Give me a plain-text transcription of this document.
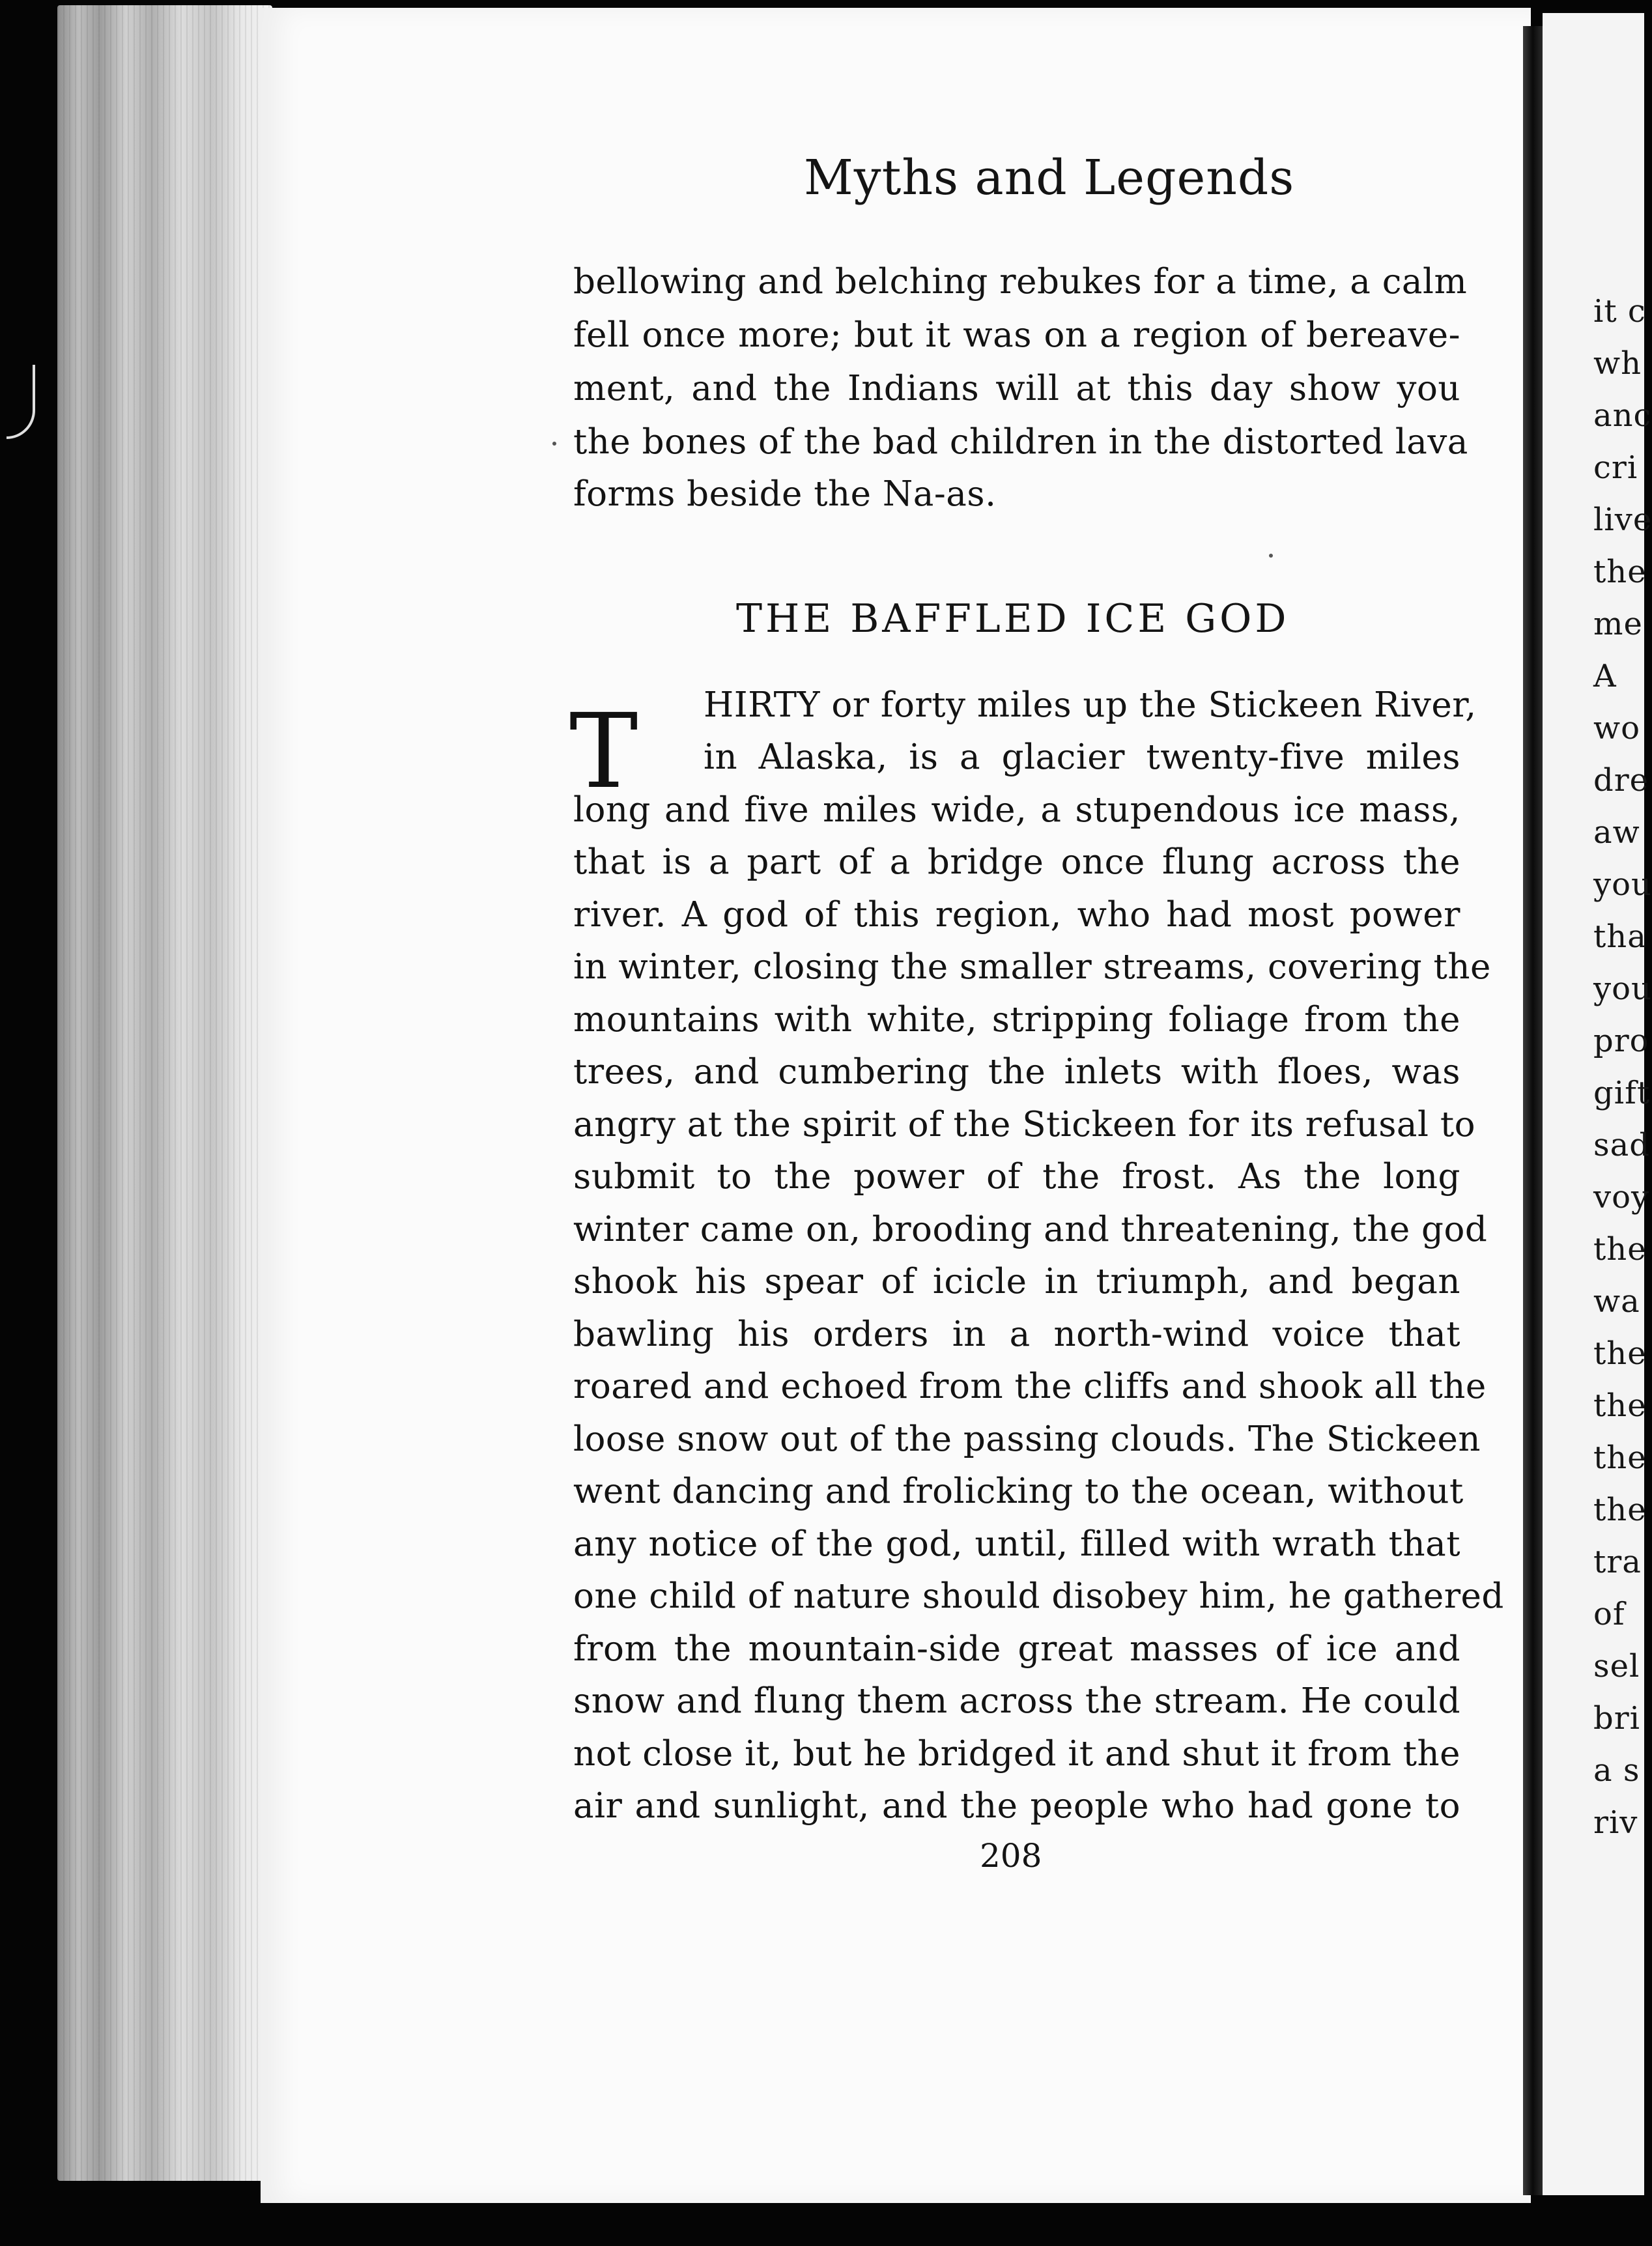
Myths and Legends
bellowing and belching rebukes for a time, a calm
fell once more; but it was on a region of bereave-
ment, and the Indians will at this day show you
the bones of the bad children in the distorted lava
forms beside the Na-as.
THE BAFFLED ICE GOD
T HIRTY or forty miles up the Stickeen River,
in Alaska, is a glacier twenty-five miles
long and five miles wide, a stupendous ice mass,
that is a part of a bridge once flung across the
river. A god of this region, who had most power
in winter, closing the smaller streams, covering the
mountains with white, stripping foliage from the
trees, and cumbering the inlets with floes, was
angry at the spirit of the Stickeen for its refusal to
submit to the power of the frost. As the long
winter came on, brooding and threatening, the god
shook his spear of icicle in triumph, and began
bawling his orders in a north-wind voice that
roared and echoed from the cliffs and shook all the
loose snow out of the passing clouds. The Stickeen
went dancing and frolicking to the ocean, without
any notice of the god, until, filled with wrath that
one child of nature should disobey him, he gathered
from the mountain-side great masses of ice and
snow and flung them across the stream. He could
not close it, but he bridged it and shut it from the
air and sunlight, and the people who had gone to
208
it c
wh
anc
cri
live
the
me
A
wo
dre
aw
you
tha
you
pro
gift
sad
voy
the
wa
the
the
the
the
tra
of
sel
bri
a s
riv
